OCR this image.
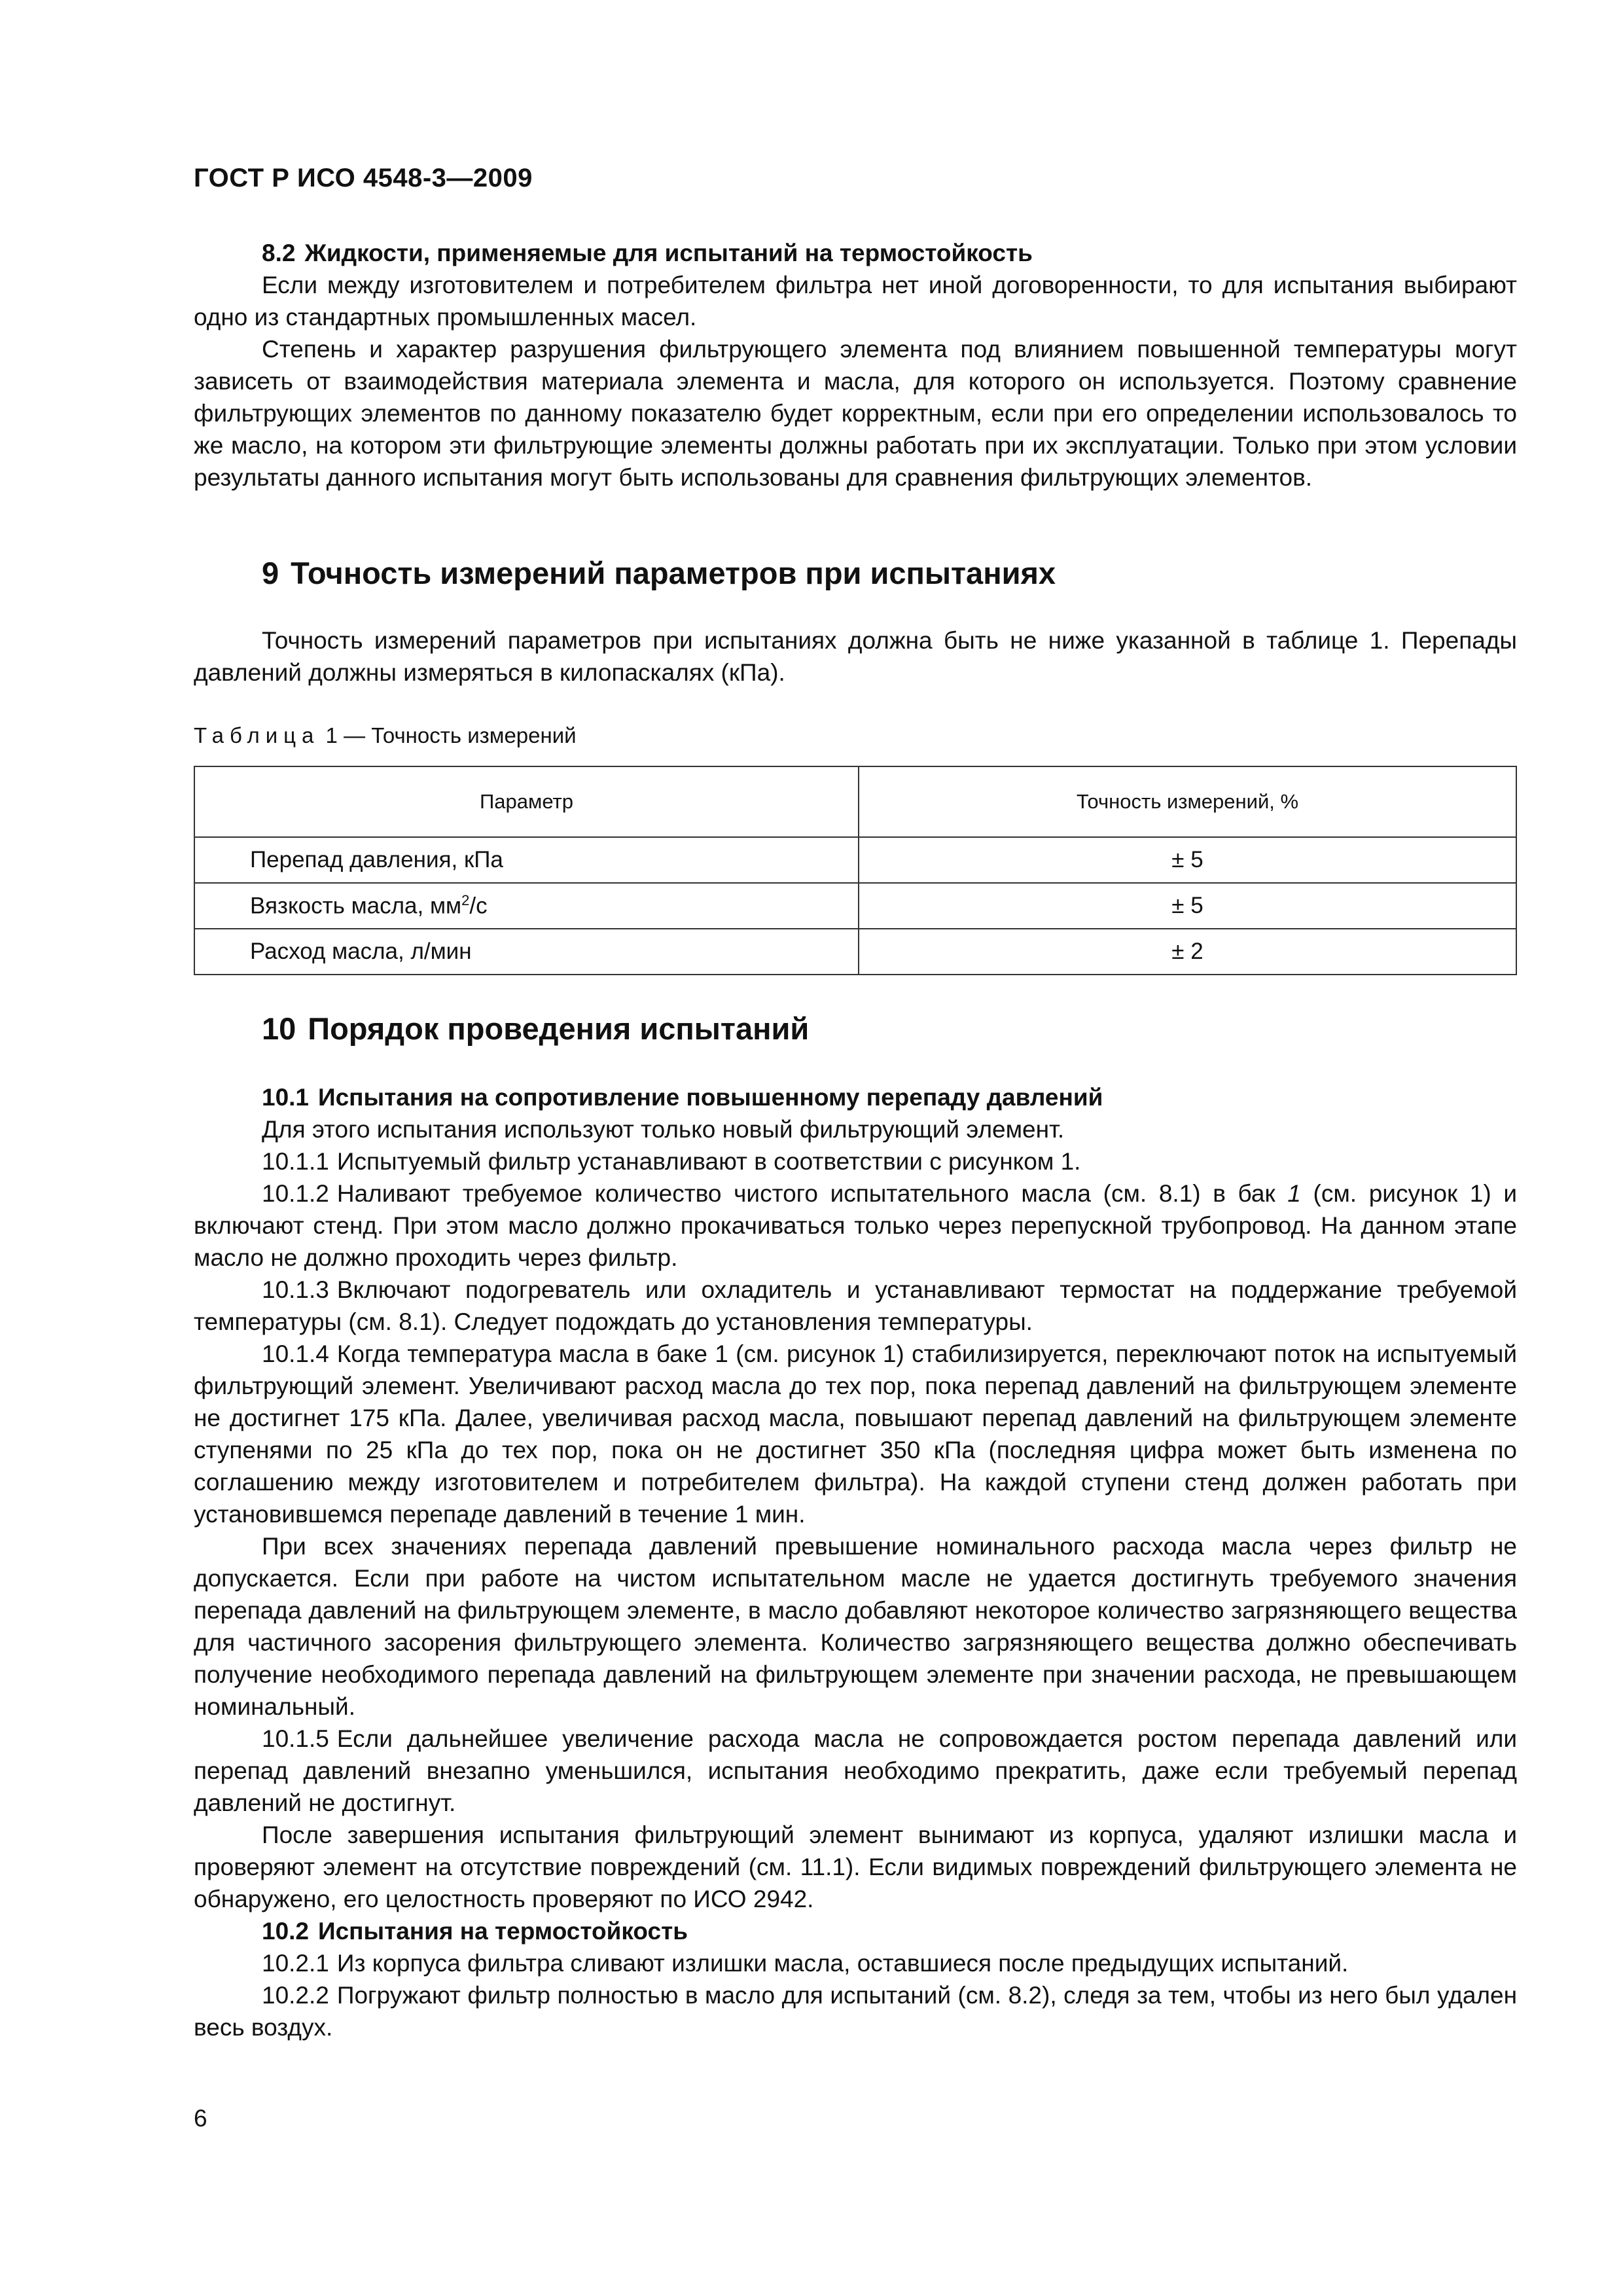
ГОСТ Р ИСО 4548-3—2009

8.2 Жидкости, применяемые для испытаний на термостойкость

Если между изготовителем и потребителем фильтра нет иной договоренности, то для испытания выбирают одно из стандартных промышленных масел.

Степень и характер разрушения фильтрующего элемента под влиянием повышенной температуры могут зависеть от взаимодействия материала элемента и масла, для которого он используется. Поэтому сравнение фильтрующих элементов по данному показателю будет корректным, если при его определении использовалось то же масло, на котором эти фильтрующие элементы должны работать при их эксплуатации. Только при этом условии результаты данного испытания могут быть использованы для сравнения фильтрующих элементов.

9 Точность измерений параметров при испытаниях

Точность измерений параметров при испытаниях должна быть не ниже указанной в таблице 1. Перепады давлений должны измеряться в килопаскалях (кПа).

Таблица 1 — Точность измерений
Параметр	Точность измерений, %
Перепад давления, кПа	± 5
Вязкость масла, $мм^2/с$	± 5
Расход масла, л/мин	± 2
10 Порядок проведения испытаний

10.1 Испытания на сопротивление повышенному перепаду давлений

Для этого испытания используют только новый фильтрующий элемент.

10.1.1 Испытуемый фильтр устанавливают в соответствии с рисунком 1.

10.1.2 Наливают требуемое количество чистого испытательного масла (см. 8.1) в бак 1 (см. рисунок 1) и включают стенд. При этом масло должно прокачиваться только через перепускной трубопровод. На данном этапе масло не должно проходить через фильтр.

10.1.3 Включают подогреватель или охладитель и устанавливают термостат на поддержание требуемой температуры (см. 8.1). Следует подождать до установления температуры.

10.1.4 Когда температура масла в баке 1 (см. рисунок 1) стабилизируется, переключают поток на испытуемый фильтрующий элемент. Увеличивают расход масла до тех пор, пока перепад давлений на фильтрующем элементе не достигнет 175 кПа. Далее, увеличивая расход масла, повышают перепад давлений на фильтрующем элементе ступенями по 25 кПа до тех пор, пока он не достигнет 350 кПа (последняя цифра может быть изменена по соглашению между изготовителем и потребителем фильтра). На каждой ступени стенд должен работать при установившемся перепаде давлений в течение 1 мин.

При всех значениях перепада давлений превышение номинального расхода масла через фильтр не допускается. Если при работе на чистом испытательном масле не удается достигнуть требуемого значения перепада давлений на фильтрующем элементе, в масло добавляют некоторое количество загрязняющего вещества для частичного засорения фильтрующего элемента. Количество загрязняющего вещества должно обеспечивать получение необходимого перепада давлений на фильтрующем элементе при значении расхода, не превышающем номинальный.

10.1.5 Если дальнейшее увеличение расхода масла не сопровождается ростом перепада давлений или перепад давлений внезапно уменьшился, испытания необходимо прекратить, даже если требуемый перепад давлений не достигнут.

После завершения испытания фильтрующий элемент вынимают из корпуса, удаляют излишки масла и проверяют элемент на отсутствие повреждений (см. 11.1). Если видимых повреждений фильтрующего элемента не обнаружено, его целостность проверяют по ИСО 2942.

10.2 Испытания на термостойкость

10.2.1 Из корпуса фильтра сливают излишки масла, оставшиеся после предыдущих испытаний.

10.2.2 Погружают фильтр полностью в масло для испытаний (см. 8.2), следя за тем, чтобы из него был удален весь воздух.

6
